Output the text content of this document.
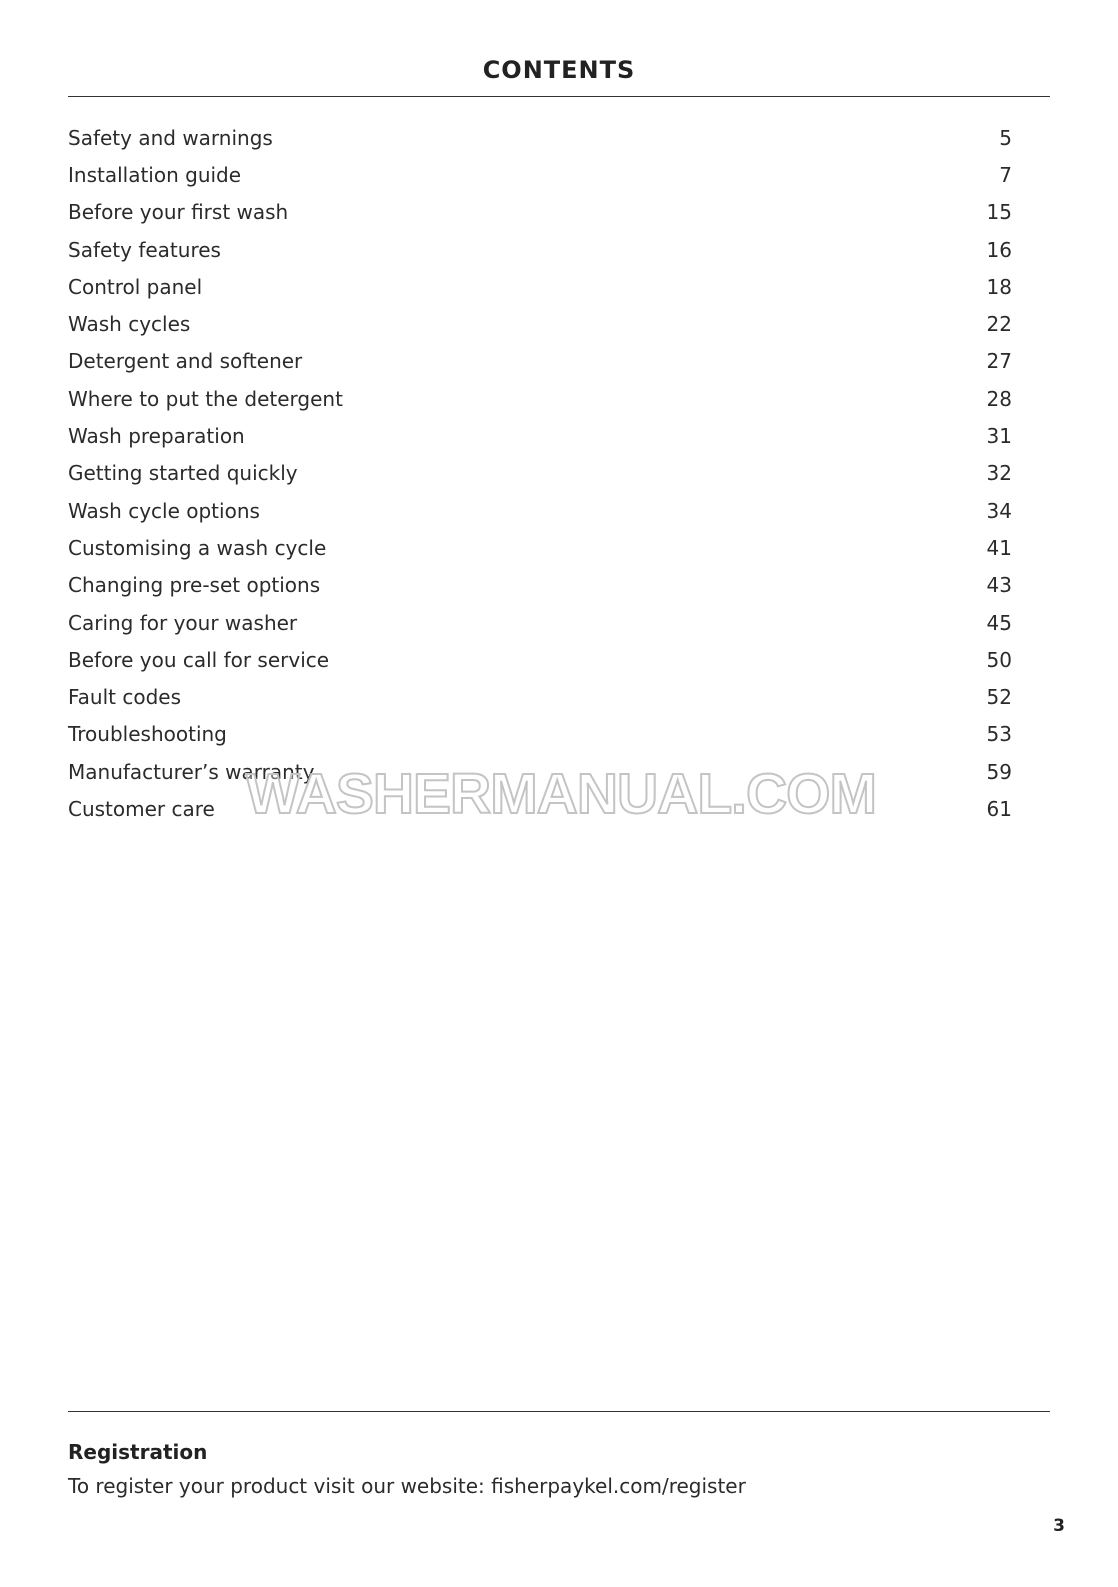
CONTENTS
Safety and warnings	5
Installation guide	7
Before your first wash	15
Safety features	16
Control panel	18
Wash cycles	22
Detergent and softener	27
Where to put the detergent	28
Wash preparation	31
Getting started quickly	32
Wash cycle options	34
Customising a wash cycle	41
Changing pre-set options	43
Caring for your washer	45
Before you call for service	50
Fault codes	52
Troubleshooting	53
Manufacturer’s warranty	59
Customer care	61
WASHERMANUAL.COM
Registration
To register your product visit our website: fisherpaykel.com/register
3
